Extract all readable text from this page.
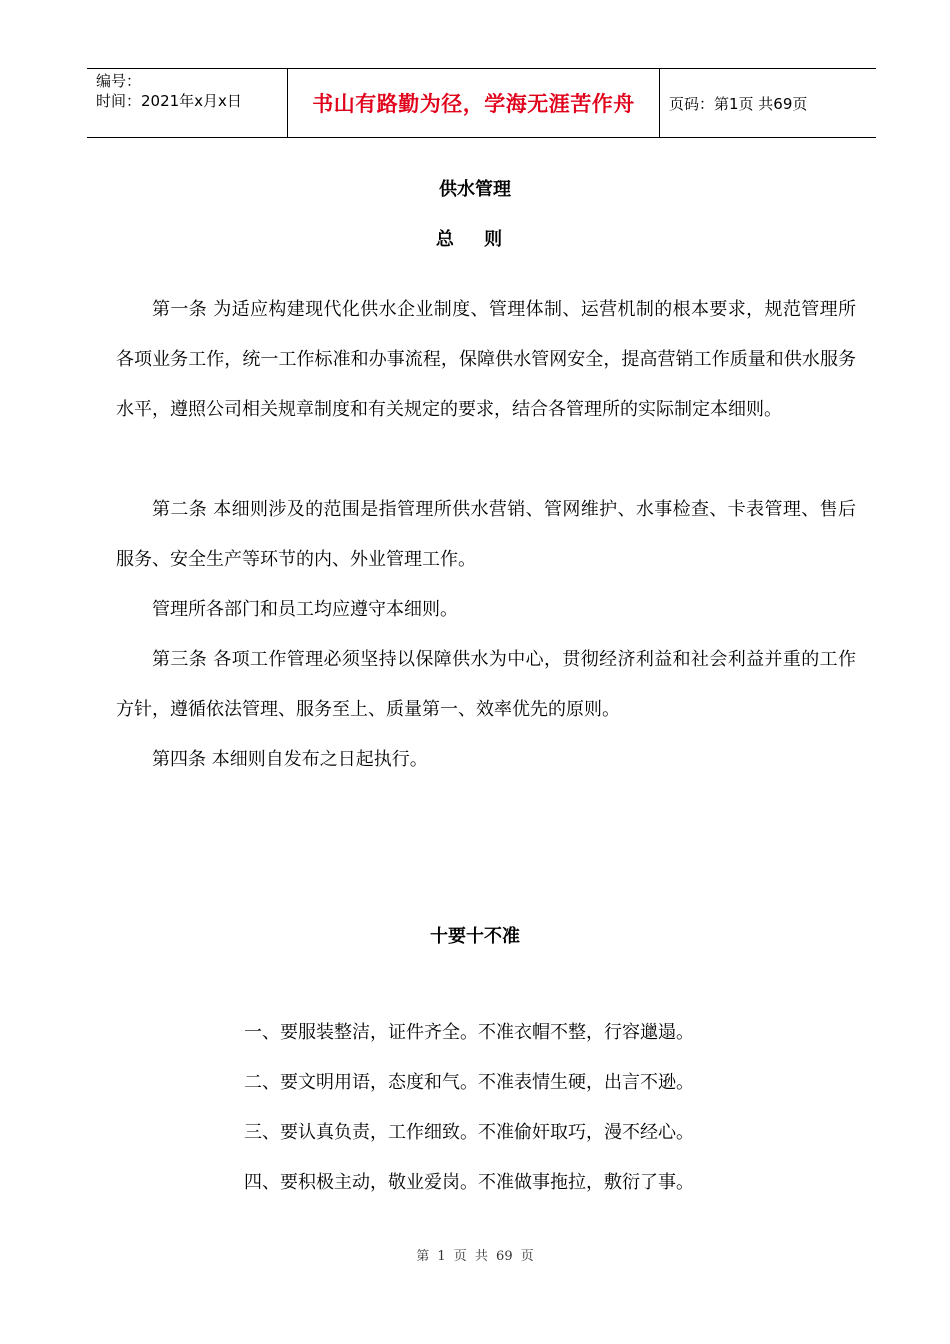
编号：
时间：2021年x月x日	书山有路勤为径，学海无涯苦作舟	页码：第1页 共69页
供水管理
总 则

第一条 为适应构建现代化供水企业制度、管理体制、运营机制的根本要求，规范管理所各项业务工作，统一工作标准和办事流程，保障供水管网安全，提高营销工作质量和供水服务水平，遵照公司相关规章制度和有关规定的要求，结合各管理所的实际制定本细则。

第二条 本细则涉及的范围是指管理所供水营销、管网维护、水事检查、卡表管理、售后服务、安全生产等环节的内、外业管理工作。

管理所各部门和员工均应遵守本细则。

第三条 各项工作管理必须坚持以保障供水为中心，贯彻经济利益和社会利益并重的工作方针，遵循依法管理、服务至上、质量第一、效率优先的原则。

第四条 本细则自发布之日起执行。

十要十不准

一、要服装整洁，证件齐全。不准衣帽不整，行容邋遢。

二、要文明用语，态度和气。不准表情生硬，出言不逊。

三、要认真负责，工作细致。不准偷奸取巧，漫不经心。

四、要积极主动，敬业爱岗。不准做事拖拉，敷衍了事。

第 1 页 共 69 页
